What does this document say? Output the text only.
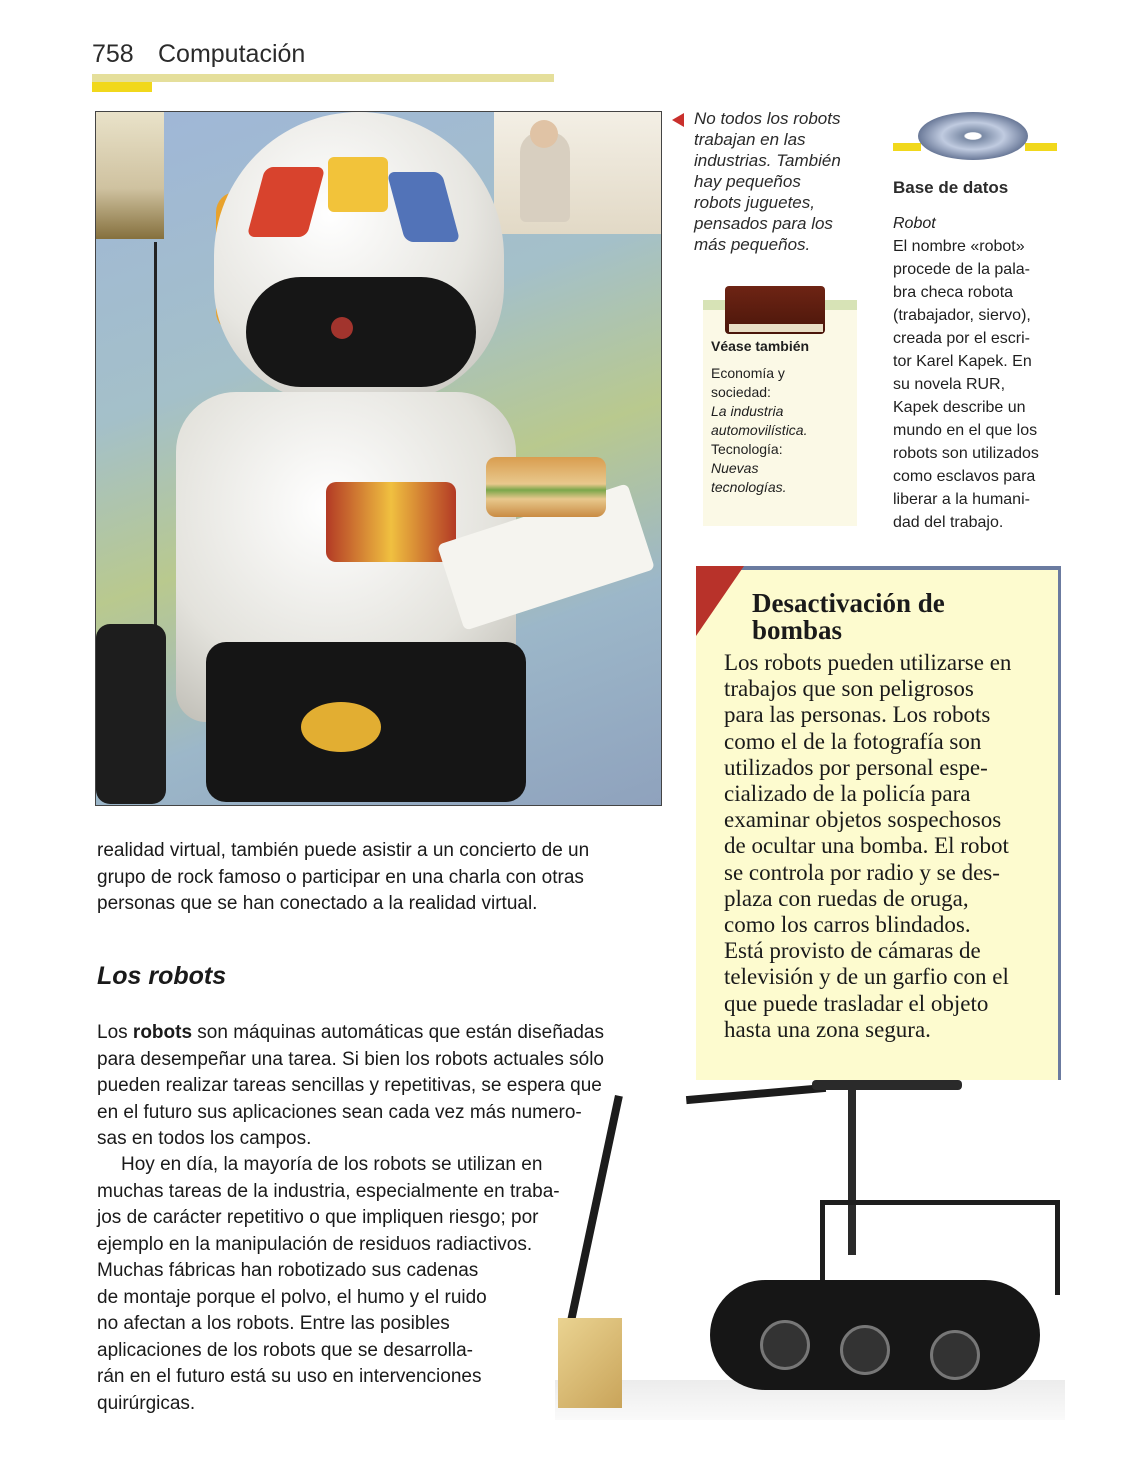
758 Computación
No todos los robots
trabajan en las
industrias. También
hay pequeños
robots juguetes,
pensados para los
más pequeños.
Véase también
Economía y
sociedad:
La industria
automovilística.
Tecnología:
Nuevas
tecnologías.
Base de datos
Robot
El nombre «robot»
procede de la pala-
bra checa robota
(trabajador, siervo),
creada por el escri-
tor Karel Kapek. En
su novela RUR,
Kapek describe un
mundo en el que los
robots son utilizados
como esclavos para
liberar a la humani-
dad del trabajo.
Desactivación de
bombas
Los robots pueden utilizarse en
trabajos que son peligrosos
para las personas. Los robots
como el de la fotografía son
utilizados por personal espe-
cializado de la policía para
examinar objetos sospechosos
de ocultar una bomba. El robot
se controla por radio y se des-
plaza con ruedas de oruga,
como los carros blindados.
Está provisto de cámaras de
televisión y de un garfio con el
que puede trasladar el objeto
hasta una zona segura.
realidad virtual, también puede asistir a un concierto de un
grupo de rock famoso o participar en una charla con otras
personas que se han conectado a la realidad virtual.
Los robots
Los robots son máquinas automáticas que están diseñadas
para desempeñar una tarea. Si bien los robots actuales sólo
pueden realizar tareas sencillas y repetitivas, se espera que
en el futuro sus aplicaciones sean cada vez más numero-
sas en todos los campos.
Hoy en día, la mayoría de los robots se utilizan en
muchas tareas de la industria, especialmente en traba-
jos de carácter repetitivo o que impliquen riesgo; por
ejemplo en la manipulación de residuos radiactivos.
Muchas fábricas han robotizado sus cadenas
de montaje porque el polvo, el humo y el ruido
no afectan a los robots. Entre las posibles
aplicaciones de los robots que se desarrolla-
rán en el futuro está su uso en intervenciones
quirúrgicas.
